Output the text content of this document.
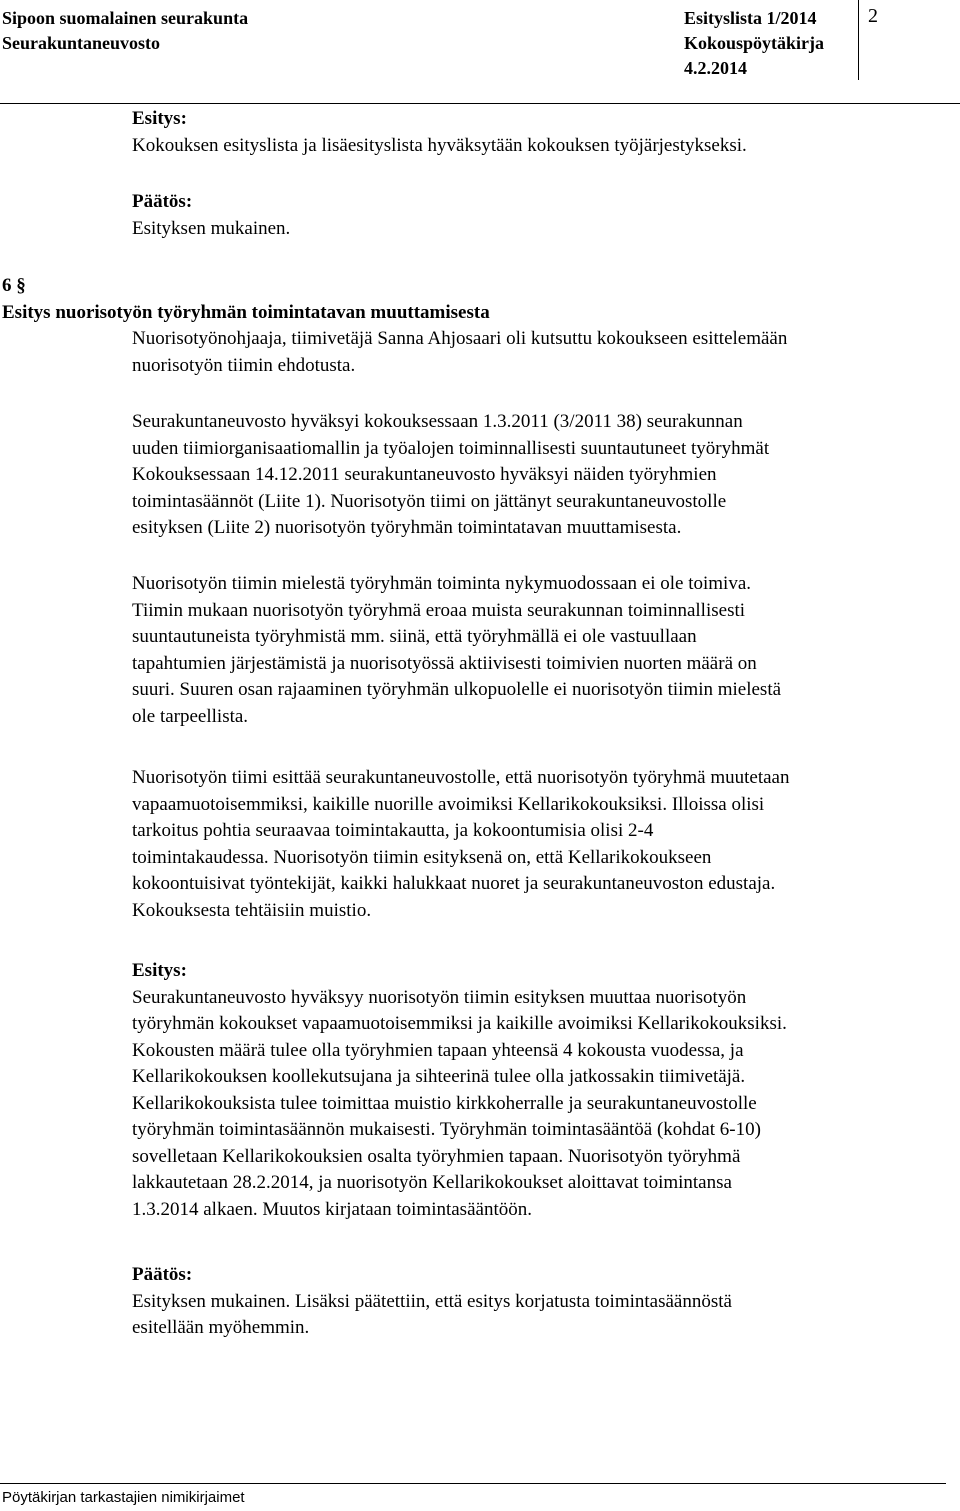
Sipoon suomalainen seurakunta
Seurakuntaneuvosto
Esityslista 1/2014
Kokouspöytäkirja
4.2.2014
2
Esitys:
Kokouksen esityslista ja lisäesityslista hyväksytään kokouksen työjärjestykseksi.
Päätös:
Esityksen mukainen.
6 §
Esitys nuorisotyön työryhmän toimintatavan muuttamisesta
Nuorisotyönohjaaja, tiimivetäjä Sanna Ahjosaari oli kutsuttu kokoukseen esittelemään
nuorisotyön tiimin ehdotusta.
Seurakuntaneuvosto hyväksyi kokouksessaan 1.3.2011 (3/2011 38) seurakunnan
uuden tiimiorganisaatiomallin ja työalojen toiminnallisesti suuntautuneet työryhmät
Kokouksessaan 14.12.2011 seurakuntaneuvosto hyväksyi näiden työryhmien
toimintasäännöt (Liite 1). Nuorisotyön tiimi on jättänyt seurakuntaneuvostolle
esityksen (Liite 2) nuorisotyön työryhmän toimintatavan muuttamisesta.
Nuorisotyön tiimin mielestä työryhmän toiminta nykymuodossaan ei ole toimiva.
Tiimin mukaan nuorisotyön työryhmä eroaa muista seurakunnan toiminnallisesti
suuntautuneista työryhmistä mm. siinä, että työryhmällä ei ole vastuullaan
tapahtumien järjestämistä ja nuorisotyössä aktiivisesti toimivien nuorten määrä on
suuri. Suuren osan rajaaminen työryhmän ulkopuolelle ei nuorisotyön tiimin mielestä
ole tarpeellista.
Nuorisotyön tiimi esittää seurakuntaneuvostolle, että nuorisotyön työryhmä muutetaan
vapaamuotoisemmiksi, kaikille nuorille avoimiksi Kellarikokouksiksi. Illoissa olisi
tarkoitus pohtia seuraavaa toimintakautta, ja kokoontumisia olisi 2-4
toimintakaudessa. Nuorisotyön tiimin esityksenä on, että Kellarikokoukseen
kokoontuisivat työntekijät, kaikki halukkaat nuoret ja seurakuntaneuvoston edustaja.
Kokouksesta tehtäisiin muistio.
Esitys:
Seurakuntaneuvosto hyväksyy nuorisotyön tiimin esityksen muuttaa nuorisotyön
työryhmän kokoukset vapaamuotoisemmiksi ja kaikille avoimiksi Kellarikokouksiksi.
Kokousten määrä tulee olla työryhmien tapaan yhteensä 4 kokousta vuodessa, ja
Kellarikokouksen koollekutsujana ja sihteerinä tulee olla jatkossakin tiimivetäjä.
Kellarikokouksista tulee toimittaa muistio kirkkoherralle ja seurakuntaneuvostolle
työryhmän toimintasäännön mukaisesti. Työryhmän toimintasääntöä (kohdat 6-10)
sovelletaan Kellarikokouksien osalta työryhmien tapaan. Nuorisotyön työryhmä
lakkautetaan 28.2.2014, ja nuorisotyön Kellarikokoukset aloittavat toimintansa
1.3.2014 alkaen. Muutos kirjataan toimintasääntöön.
Päätös:
Esityksen mukainen. Lisäksi päätettiin, että esitys korjatusta toimintasäännöstä
esitellään myöhemmin.
Pöytäkirjan tarkastajien nimikirjaimet
